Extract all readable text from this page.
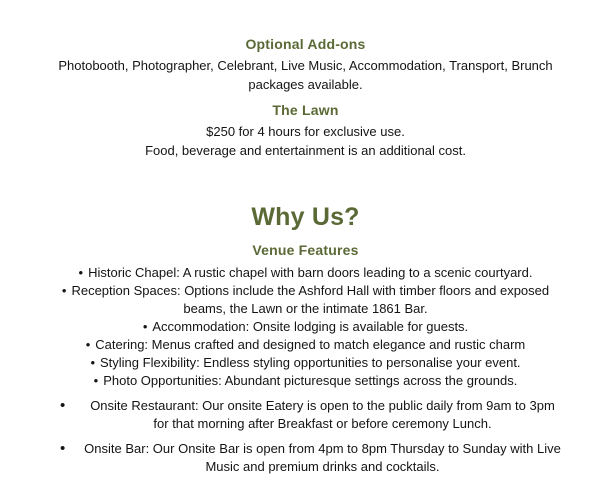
Optional Add-ons
Photobooth, Photographer, Celebrant, Live Music, Accommodation, Transport, Brunch
packages available.
The Lawn
$250 for 4 hours for exclusive use.
Food, beverage and entertainment is an additional cost.
Why Us?
Venue Features
• Historic Chapel: A rustic chapel with barn doors leading to a scenic courtyard.
• Reception Spaces: Options include the Ashford Hall with timber floors and exposed
beams, the Lawn or the intimate 1861 Bar.
• Accommodation: Onsite lodging is available for guests.
• Catering: Menus crafted and designed to match elegance and rustic charm
• Styling Flexibility: Endless styling opportunities to personalise your event.
• Photo Opportunities: Abundant picturesque settings across the grounds.
•	Onsite Restaurant: Our onsite Eatery is open to the public daily from 9am to 3pm
for that morning after Breakfast or before ceremony Lunch.
•	Onsite Bar: Our Onsite Bar is open from 4pm to 8pm Thursday to Sunday with Live
Music and premium drinks and cocktails.
